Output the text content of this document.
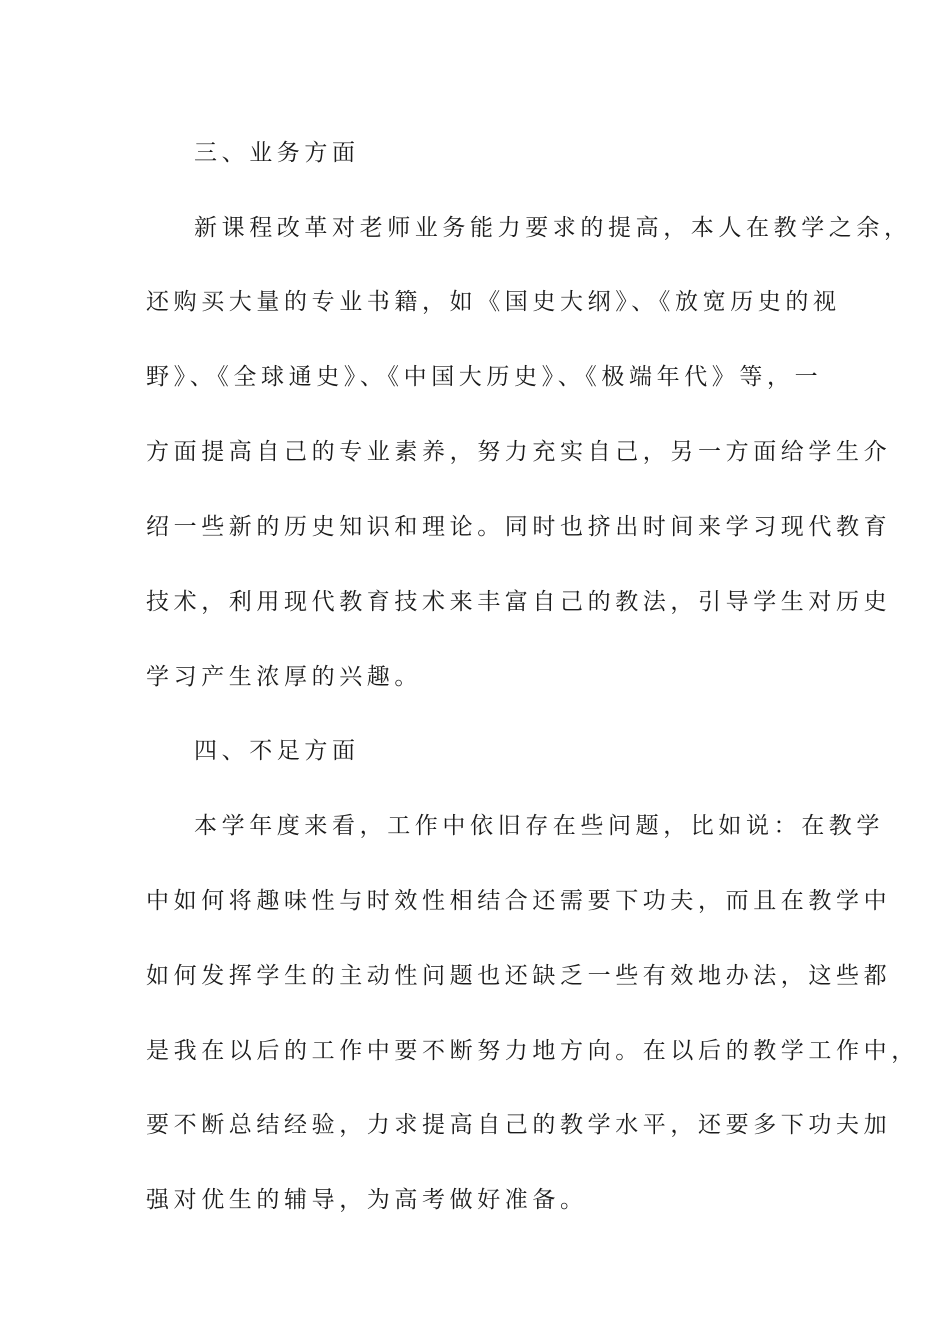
三、业务方面
新课程改革对老师业务能力要求的提高，本人在教学之余，
还购买大量的专业书籍，如《国史大纲》、《放宽历史的视
野》、《全球通史》、《中国大历史》、《极端年代》等，一
方面提高自己的专业素养，努力充实自己，另一方面给学生介
绍一些新的历史知识和理论。同时也挤出时间来学习现代教育
技术，利用现代教育技术来丰富自己的教法，引导学生对历史
学习产生浓厚的兴趣。
四、不足方面
本学年度来看，工作中依旧存在些问题，比如说：在教学
中如何将趣味性与时效性相结合还需要下功夫，而且在教学中
如何发挥学生的主动性问题也还缺乏一些有效地办法，这些都
是我在以后的工作中要不断努力地方向。在以后的教学工作中，
要不断总结经验，力求提高自己的教学水平，还要多下功夫加
强对优生的辅导，为高考做好准备。
